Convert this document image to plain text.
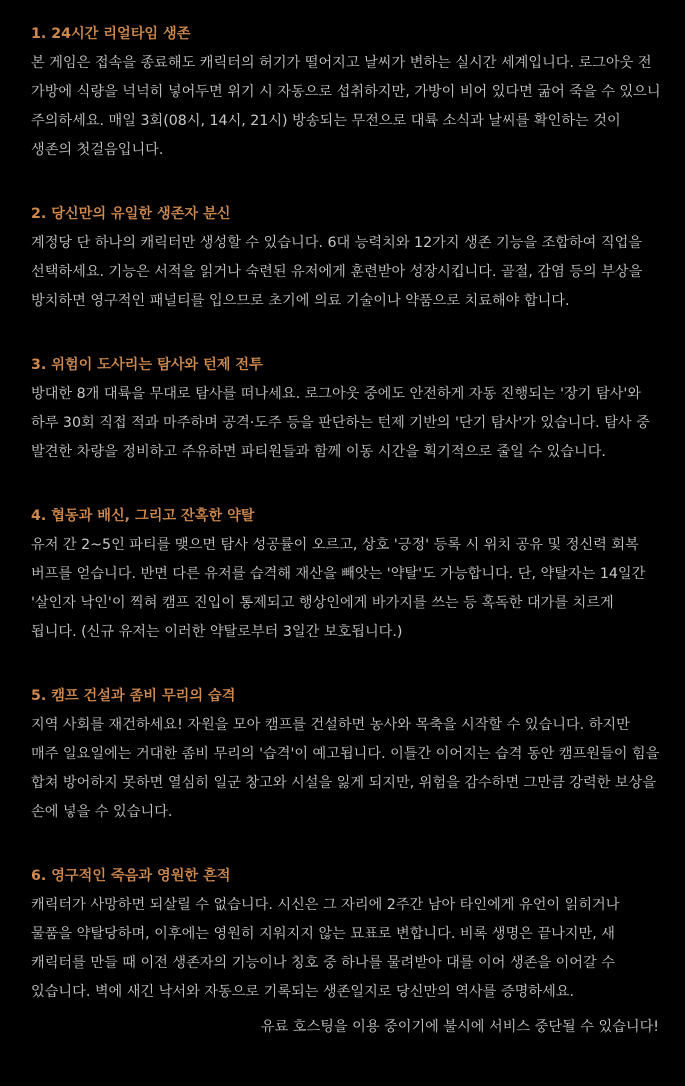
1. 24시간 리얼타임 생존
본 게임은 접속을 종료해도 캐릭터의 허기가 떨어지고 날씨가 변하는 실시간 세계입니다. 로그아웃 전 가방에 식량을 넉넉히 넣어두면 위기 시 자동으로 섭취하지만, 가방이 비어 있다면 굶어 죽을 수 있으니 주의하세요. 매일 3회(08시, 14시, 21시) 방송되는 무전으로 대륙 소식과 날씨를 확인하는 것이 생존의 첫걸음입니다.
2. 당신만의 유일한 생존자 분신
계정당 단 하나의 캐릭터만 생성할 수 있습니다. 6대 능력치와 12가지 생존 기능을 조합하여 직업을 선택하세요. 기능은 서적을 읽거나 숙련된 유저에게 훈련받아 성장시킵니다. 골절, 감염 등의 부상을 방치하면 영구적인 패널티를 입으므로 초기에 의료 기술이나 약품으로 치료해야 합니다.
3. 위험이 도사리는 탐사와 턴제 전투
방대한 8개 대륙을 무대로 탐사를 떠나세요. 로그아웃 중에도 안전하게 자동 진행되는 '장기 탐사'와 하루 30회 직접 적과 마주하며 공격·도주 등을 판단하는 턴제 기반의 '단기 탐사'가 있습니다. 탐사 중 발견한 차량을 정비하고 주유하면 파티원들과 함께 이동 시간을 획기적으로 줄일 수 있습니다.
4. 협동과 배신, 그리고 잔혹한 약탈
유저 간 2~5인 파티를 맺으면 탐사 성공률이 오르고, 상호 '긍정' 등록 시 위치 공유 및 정신력 회복 버프를 얻습니다. 반면 다른 유저를 습격해 재산을 빼앗는 '약탈'도 가능합니다. 단, 약탈자는 14일간 '살인자 낙인'이 찍혀 캠프 진입이 통제되고 행상인에게 바가지를 쓰는 등 혹독한 대가를 치르게 됩니다. (신규 유저는 이러한 약탈로부터 3일간 보호됩니다.)
5. 캠프 건설과 좀비 무리의 습격
지역 사회를 재건하세요! 자원을 모아 캠프를 건설하면 농사와 목축을 시작할 수 있습니다. 하지만 매주 일요일에는 거대한 좀비 무리의 '습격'이 예고됩니다. 이틀간 이어지는 습격 동안 캠프원들이 힘을 합쳐 방어하지 못하면 열심히 일군 창고와 시설을 잃게 되지만, 위험을 감수하면 그만큼 강력한 보상을 손에 넣을 수 있습니다.
6. 영구적인 죽음과 영원한 흔적
캐릭터가 사망하면 되살릴 수 없습니다. 시신은 그 자리에 2주간 남아 타인에게 유언이 읽히거나 물품을 약탈당하며, 이후에는 영원히 지워지지 않는 묘표로 변합니다. 비록 생명은 끝나지만, 새 캐릭터를 만들 때 이전 생존자의 기능이나 칭호 중 하나를 물려받아 대를 이어 생존을 이어갈 수 있습니다. 벽에 새긴 낙서와 자동으로 기록되는 생존일지로 당신만의 역사를 증명하세요.
유료 호스팅을 이용 중이기에 불시에 서비스 중단될 수 있습니다!
